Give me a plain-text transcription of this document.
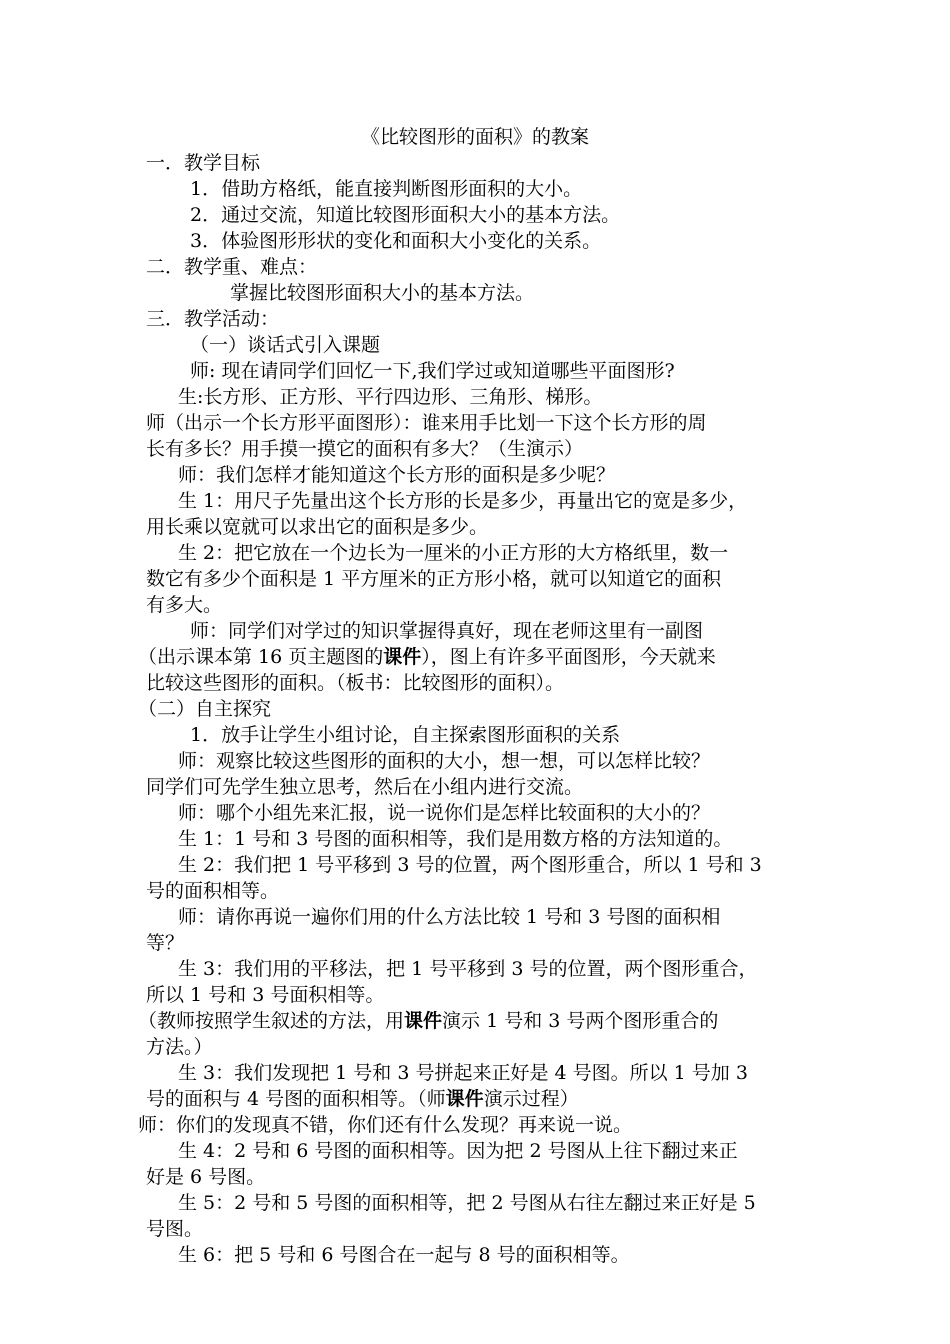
《比较图形的面积》的教案
一．教学目标
1．借助方格纸，能直接判断图形面积的大小。
2．通过交流，知道比较图形面积大小的基本方法。
3．体验图形形状的变化和面积大小变化的关系。
二．教学重、难点：
掌握比较图形面积大小的基本方法。
三．教学活动：
（一）谈话式引入课题
师: 现在请同学们回忆一下,我们学过或知道哪些平面图形?
生:长方形、正方形、平行四边形、三角形、梯形。
师（出示一个长方形平面图形）：谁来用手比划一下这个长方形的周
长有多长？用手摸一摸它的面积有多大？（生演示）
师：我们怎样才能知道这个长方形的面积是多少呢？
生 1：用尺子先量出这个长方形的长是多少，再量出它的宽是多少，
用长乘以宽就可以求出它的面积是多少。
生 2：把它放在一个边长为一厘米的小正方形的大方格纸里，数一
数它有多少个面积是 1 平方厘米的正方形小格，就可以知道它的面积
有多大。
师：同学们对学过的知识掌握得真好，现在老师这里有一副图
（出示课本第 16 页主题图的课件），图上有许多平面图形，今天就来
比较这些图形的面积。（板书：比较图形的面积）。
（二）自主探究
1．放手让学生小组讨论，自主探索图形面积的关系
师：观察比较这些图形的面积的大小，想一想，可以怎样比较？
同学们可先学生独立思考，然后在小组内进行交流。
师：哪个小组先来汇报，说一说你们是怎样比较面积的大小的？
生 1：1 号和 3 号图的面积相等，我们是用数方格的方法知道的。
生 2：我们把 1 号平移到 3 号的位置，两个图形重合，所以 1 号和 3
号的面积相等。
师：请你再说一遍你们用的什么方法比较 1 号和 3 号图的面积相
等？
生 3：我们用的平移法，把 1 号平移到 3 号的位置，两个图形重合，
所以 1 号和 3 号面积相等。
（教师按照学生叙述的方法，用课件演示 1 号和 3 号两个图形重合的
方法。）
生 3：我们发现把 1 号和 3 号拼起来正好是 4 号图。所以 1 号加 3
号的面积与 4 号图的面积相等。（师课件演示过程）
师：你们的发现真不错，你们还有什么发现？再来说一说。
生 4：2 号和 6 号图的面积相等。因为把 2 号图从上往下翻过来正
好是 6 号图。
生 5：2 号和 5 号图的面积相等，把 2 号图从右往左翻过来正好是 5
号图。
生 6：把 5 号和 6 号图合在一起与 8 号的面积相等。
